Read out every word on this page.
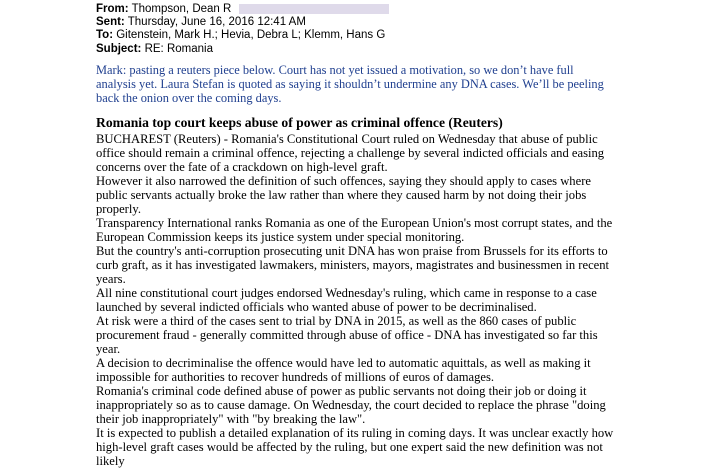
From: Thompson, Dean R
Sent: Thursday, June 16, 2016 12:41 AM
To: Gitenstein, Mark H.; Hevia, Debra L; Klemm, Hans G
Subject: RE: Romania
Mark: pasting a reuters piece below. Court has not yet issued a motivation, so we don’t have full analysis yet. Laura Stefan is quoted as saying it shouldn’t undermine any DNA cases. We’ll be peeling back the onion over the coming days.
Romania top court keeps abuse of power as criminal offence (Reuters)

BUCHAREST (Reuters) - Romania's Constitutional Court ruled on Wednesday that abuse of public office should remain a criminal offence, rejecting a challenge by several indicted officials and easing concerns over the fate of a crackdown on high-level graft.

However it also narrowed the definition of such offences, saying they should apply to cases where public servants actually broke the law rather than where they caused harm by not doing their jobs properly.

Transparency International ranks Romania as one of the European Union's most corrupt states, and the European Commission keeps its justice system under special monitoring.

But the country's anti-corruption prosecuting unit DNA has won praise from Brussels for its efforts to curb graft, as it has investigated lawmakers, ministers, mayors, magistrates and businessmen in recent years.

All nine constitutional court judges endorsed Wednesday's ruling, which came in response to a case launched by several indicted officials who wanted abuse of power to be decriminalised.

At risk were a third of the cases sent to trial by DNA in 2015, as well as the 860 cases of public procurement fraud - generally committed through abuse of office - DNA has investigated so far this year.

A decision to decriminalise the offence would have led to automatic aquittals, as well as making it impossible for authorities to recover hundreds of millions of euros of damages.

Romania's criminal code defined abuse of power as public servants not doing their job or doing it inappropriately so as to cause damage. On Wednesday, the court decided to replace the phrase "doing their job inappropriately" with "by breaking the law".

It is expected to publish a detailed explanation of its ruling in coming days. It was unclear exactly how high-level graft cases would be affected by the ruling, but one expert said the new definition was not likely
